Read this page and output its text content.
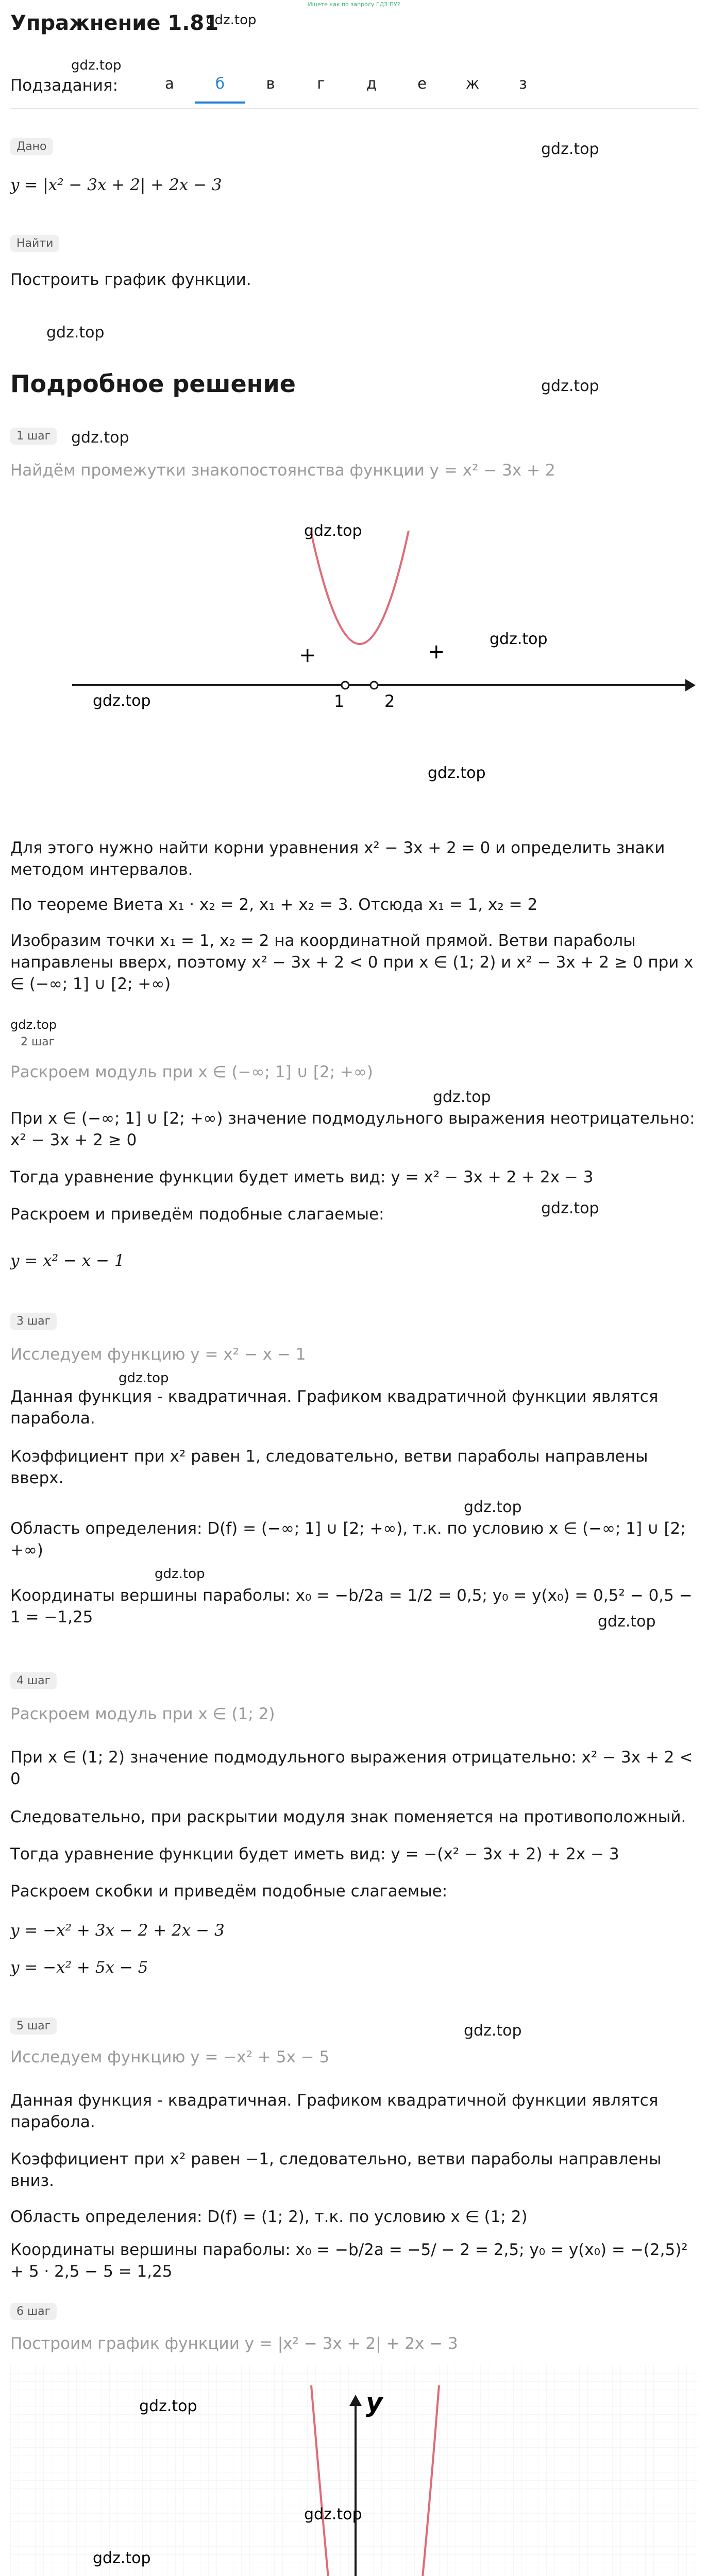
Ищете как по запросу ГДЗ ПУ?
Упражнение 1.81
gdz.top
gdz.top
Подзадания:	а	б	в	г	д	е	ж	з
Дано	gdz.top
y = |x² − 3x + 2| + 2x − 3
Найти
Построить график функции.
gdz.top
Подробное решение	gdz.top
1 шаг	gdz.top
Найдём промежутки знакопостоянства функции y = x² − 3x + 2
+	+
1 2
gdz.top
gdz.top
gdz.top
gdz.top
Для этого нужно найти корни уравнения x² − 3x + 2 = 0 и определить знаки методом интервалов.
По теореме Виета x₁ · x₂ = 2, x₁ + x₂ = 3. Отсюда x₁ = 1, x₂ = 2
Изобразим точки x₁ = 1, x₂ = 2 на координатной прямой. Ветви параболы направлены вверх, поэтому x² − 3x + 2 < 0 при x ∈ (1; 2) и x² − 3x + 2 ≥ 0 при x ∈ (−∞; 1] ∪ [2; +∞)
gdz.top
2 шаг
Раскроем модуль при x ∈ (−∞; 1] ∪ [2; +∞)
gdz.top
При x ∈ (−∞; 1] ∪ [2; +∞) значение подмодульного выражения неотрицательно: x² − 3x + 2 ≥ 0
Тогда уравнение функции будет иметь вид: y = x² − 3x + 2 + 2x − 3
gdz.top
Раскроем и приведём подобные слагаемые:
y = x² − x − 1
3 шаг
Исследуем функцию y = x² − x − 1
gdz.top
Данная функция - квадратичная. Графиком квадратичной функции являтся парабола.
Коэффициент при x² равен 1, следовательно, ветви параболы направлены вверх.
gdz.top
Область определения: D(f) = (−∞; 1] ∪ [2; +∞), т.к. по условию x ∈ (−∞; 1] ∪ [2; +∞)
gdz.top
Координаты вершины параболы: x₀ = −b/2a = 1/2 = 0,5; y₀ = y(x₀) = 0,5² − 0,5 − 1 = −1,25	gdz.top
4 шаг
Раскроем модуль при x ∈ (1; 2)
При x ∈ (1; 2) значение подмодульного выражения отрицательно: x² − 3x + 2 < 0
Следовательно, при раскрытии модуля знак поменяется на противоположный.
Тогда уравнение функции будет иметь вид: y = −(x² − 3x + 2) + 2x − 3
Раскроем скобки и приведём подобные слагаемые:
y = −x² + 3x − 2 + 2x − 3
y = −x² + 5x − 5
5 шаг
Исследуем функцию y = −x² + 5x − 5
gdz.top
Данная функция - квадратичная. Графиком квадратичной функции являтся парабола.
Коэффициент при x² равен −1, следовательно, ветви параболы направлены вниз.
Область определения: D(f) = (1; 2), т.к. по условию x ∈ (1; 2)
Координаты вершины параболы: x₀ = −b/2a = −5/ − 2 = 2,5; y₀ = y(x₀) = −(2,5)² + 5 · 2,5 − 5 = 1,25
6 шаг
Построим график функции y = |x² − 3x + 2| + 2x − 3
y
gdz.top
gdz.top
gdz.top
